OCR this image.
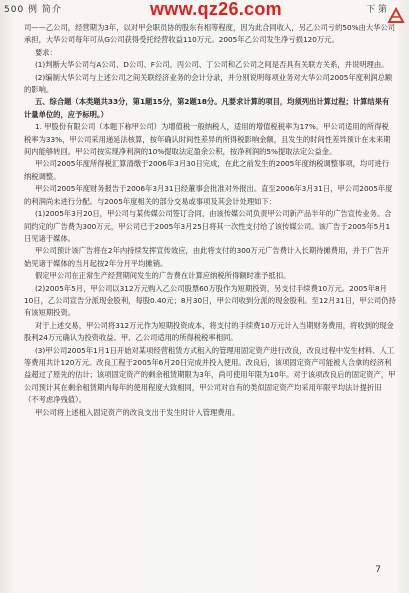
500 例 简介	www.qz26.com	下 第

司——乙公司，经营期为3年，以对甲会职员协的股东有相等程度，因为此合同收入，另乙公司亏的50%由大华公司承担，大华公司每年可从G公司获得受托经营收益110万元。2005年乙公司发生净亏损120万元。

要求：

(1)判断大华公司与A公司、D公司、F公司、丙公司、丁公司和乙公司之间是否具有关联方关系，并说明理由。

(2)编制大华公司与上述公司之间关联经济业务的会计分录，并分别说明每项业务对大华公司2005年度利润总额的影响。

五、综合题（本类题共33分，第1题15分，第2题18分。凡要求计算的项目，均须列出计算过程；计算结果有计量单位的，应予标明。）

1. 甲股份有限公司（本题下称甲公司）为增值税一般纳税人，适用的增值税税率为17%。甲公司适用的所得税税率为33%，甲公司采用递延法核算，按年确认时间性差异的所得税影响金额，且发生的时间性差异预计在未来期间内能够转回。甲公司按实现净利润的10%提取法定盈余公积，按净利润的5%提取法定公益金。

甲公司2005年度所得税汇算清缴于2006年3月30日完成，在此之前发生的2005年度纳税调整事项，均可进行纳税调整。

甲公司2005年度财务报告于2006年3月31日经董事会批准对外报出。直至2006年3月31日，甲公司2005年度的利润尚未进行分配。与2005年度相关的部分交易或事项及其会计处理如下：

(1)2005年3月20日，甲公司与某传媒公司签订合同，由该传媒公司负责甲公司新产品半年的广告宣传业务。合同约定的广告费为300万元，甲公司已于2005年3月25日将其一次性支付给了该传媒公司。该广告于2005年5月1日见诸于媒体。

甲公司预计该广告将在2年内持续发挥宣传效应，由此将支付的300万元广告费计入长期待摊费用，并于广告开始见诸于媒体的当月起按2年分月平均摊销。

假定甲公司在正常生产经营期间发生的广告费在计算应纳税所得额时准予抵扣。

(2)2005年5月，甲公司以312万元购入乙公司股票60万股作为短期投资，另支付手续费10万元。2005年8月10日，乙公司宣告分派现金股利，每股0.40元；8月30日，甲公司收到分派的现金股利。至12月31日，甲公司仍持有该短期投资。

对于上述交易，甲公司将312万元作为短期投资成本，将支付的手续费10万元计入当期财务费用，将收到的现金股利24万元确认为投资收益。甲、乙公司适用的所得税税率相同。

(3)甲公司2005年1月1日开始对某项经营租赁方式租入的管理用固定资产进行改良，改良过程中发生材料、人工等费用共计120万元。改良工程于2005年6月20日完成并投入使用。改良后，该项固定资产可能被人合拿的经济利益超过了原先的估计；该项固定资产的剩余租赁期限为3年，尚可使用年限为10年。对于该项改良后的固定资产，甲公司预计其在剩余租赁期内每年的使用程度大致相同，甲公司对自有的类似固定资产均采用年限平均法计提折旧（不考虑净残值）。

甲公司将上述租入固定资产的改良支出于发生时计入管理费用。

7
